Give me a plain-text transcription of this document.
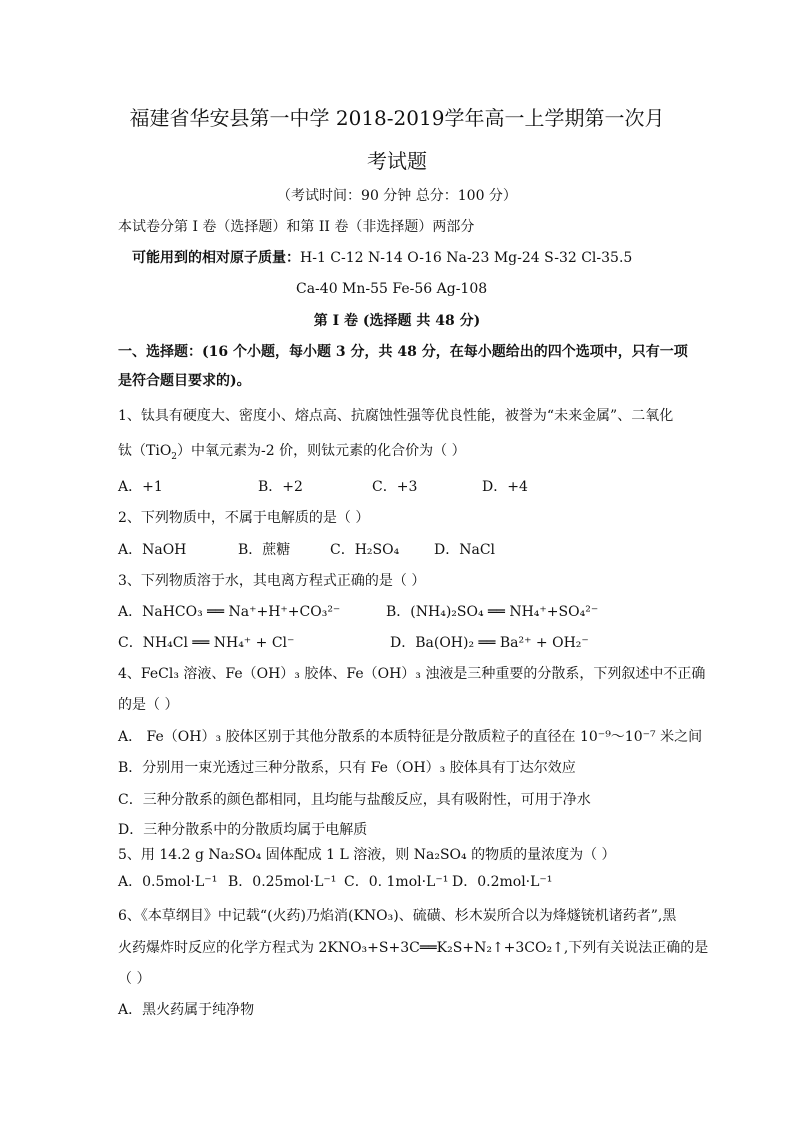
福建省华安县第一中学 2018-2019学年高一上学期第一次月
考试题
（考试时间：90 分钟 总分：100 分）
本试卷分第 I 卷（选择题）和第 II 卷（非选择题）两部分
可能用到的相对原子质量：H-1 C-12 N-14 O-16 Na-23 Mg-24 S-32 Cl-35.5
Ca-40 Mn-55 Fe-56 Ag-108
第 I 卷 (选择题 共 48 分)
一、选择题：(16 个小题，每小题 3 分，共 48 分，在每小题给出的四个选项中，只有一项
是符合题目要求的)。
1、钛具有硬度大、密度小、熔点高、抗腐蚀性强等优良性能，被誉为“未来金属”、二氧化
钛（TiO$_2$）中氧元素为-2 价，则钛元素的化合价为（ ）
A．+1	B．+2	C．+3	D．+4
2、下列物质中，不属于电解质的是（ ）
A．NaOH	B．蔗糖	C．H₂SO₄ D．NaCl
3、下列物质溶于水，其电离方程式正确的是（ ）
A．NaHCO₃ ══ Na⁺+H⁺+CO₃²⁻	B．(NH₄)₂SO₄ ══ NH₄⁺+SO₄²⁻
C．NH₄Cl ══ NH₄⁺ + Cl⁻	D．Ba(OH)₂ ══ Ba²⁺ + OH₂⁻
4、FeCl₃ 溶液、Fe（OH）₃ 胶体、Fe（OH）₃ 浊液是三种重要的分散系，下列叙述中不正确
的是（ ）
A． Fe（OH）₃ 胶体区别于其他分散系的本质特征是分散质粒子的直径在 10⁻⁹～10⁻⁷ 米之间
B．分别用一束光透过三种分散系，只有 Fe（OH）₃ 胶体具有丁达尔效应
C．三种分散系的颜色都相同，且均能与盐酸反应，具有吸附性，可用于净水
D．三种分散系中的分散质均属于电解质
5、用 14.2 g Na₂SO₄ 固体配成 1 L 溶液，则 Na₂SO₄ 的物质的量浓度为（ ）
A．0.5mol·L⁻¹ B．0.25mol·L⁻¹ C．0. 1mol·L⁻¹ D．0.2mol·L⁻¹
6、《本草纲目》中记载“(火药)乃焰消(KNO₃)、硫磺、杉木炭所合以为烽燧铳机诸药者”,黑
火药爆炸时反应的化学方程式为 2KNO₃+S+3C══K₂S+N₂↑+3CO₂↑,下列有关说法正确的是
（ ）
A．黑火药属于纯净物
